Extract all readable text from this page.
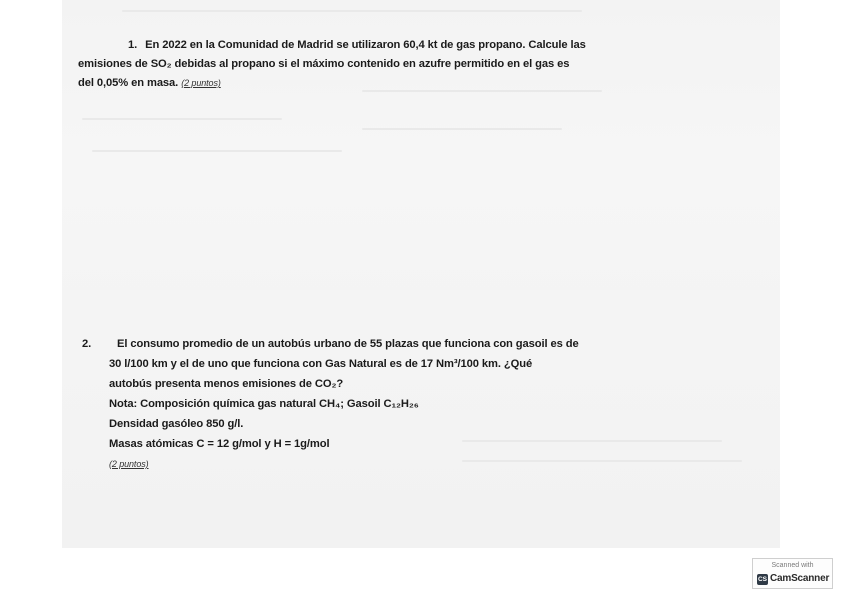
1. En 2022 en la Comunidad de Madrid se utilizaron 60,4 kt de gas propano. Calcule las
emisiones de SO₂ debidas al propano si el máximo contenido en azufre permitido en el gas es
del 0,05% en masa. (2 puntos)
El consumo promedio de un autobús urbano de 55 plazas que funciona con gasoil es de
30 l/100 km y el de uno que funciona con Gas Natural es de 17 Nm³/100 km. ¿Qué
autobús presenta menos emisiones de CO₂?
Nota: Composición química gas natural CH₄; Gasoil C₁₂H₂₆
Densidad gasóleo 850 g/l.
Masas atómicas C = 12 g/mol y H = 1g/mol
(2 puntos)
Scanned with
CS CamScanner
